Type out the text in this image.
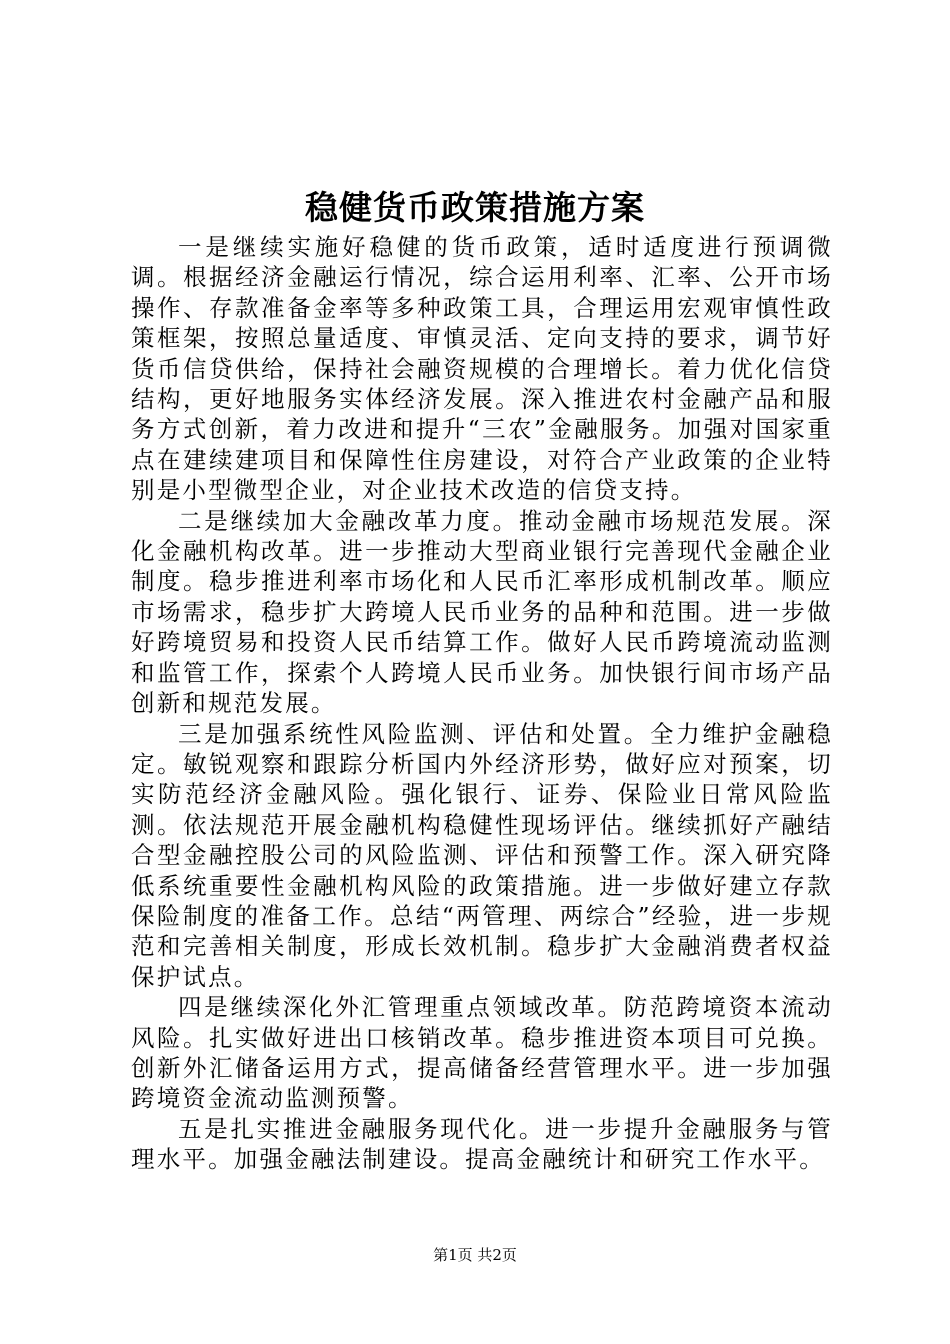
稳健货币政策措施方案

一是继续实施好稳健的货币政策，适时适度进行预调微调。根据经济金融运行情况，综合运用利率、汇率、公开市场操作、存款准备金率等多种政策工具，合理运用宏观审慎性政策框架，按照总量适度、审慎灵活、定向支持的要求，调节好货币信贷供给，保持社会融资规模的合理增长。着力优化信贷结构，更好地服务实体经济发展。深入推进农村金融产品和服务方式创新，着力改进和提升“三农”金融服务。加强对国家重点在建续建项目和保障性住房建设，对符合产业政策的企业特别是小型微型企业，对企业技术改造的信贷支持。

二是继续加大金融改革力度。推动金融市场规范发展。深化金融机构改革。进一步推动大型商业银行完善现代金融企业制度。稳步推进利率市场化和人民币汇率形成机制改革。顺应市场需求，稳步扩大跨境人民币业务的品种和范围。进一步做好跨境贸易和投资人民币结算工作。做好人民币跨境流动监测和监管工作，探索个人跨境人民币业务。加快银行间市场产品创新和规范发展。

三是加强系统性风险监测、评估和处置。全力维护金融稳定。敏锐观察和跟踪分析国内外经济形势，做好应对预案，切实防范经济金融风险。强化银行、证券、保险业日常风险监测。依法规范开展金融机构稳健性现场评估。继续抓好产融结合型金融控股公司的风险监测、评估和预警工作。深入研究降低系统重要性金融机构风险的政策措施。进一步做好建立存款保险制度的准备工作。总结“两管理、两综合”经验，进一步规范和完善相关制度，形成长效机制。稳步扩大金融消费者权益保护试点。

四是继续深化外汇管理重点领域改革。防范跨境资本流动风险。扎实做好进出口核销改革。稳步推进资本项目可兑换。创新外汇储备运用方式，提高储备经营管理水平。进一步加强跨境资金流动监测预警。

五是扎实推进金融服务现代化。进一步提升金融服务与管理水平。加强金融法制建设。提高金融统计和研究工作水平。

第1页 共2页
